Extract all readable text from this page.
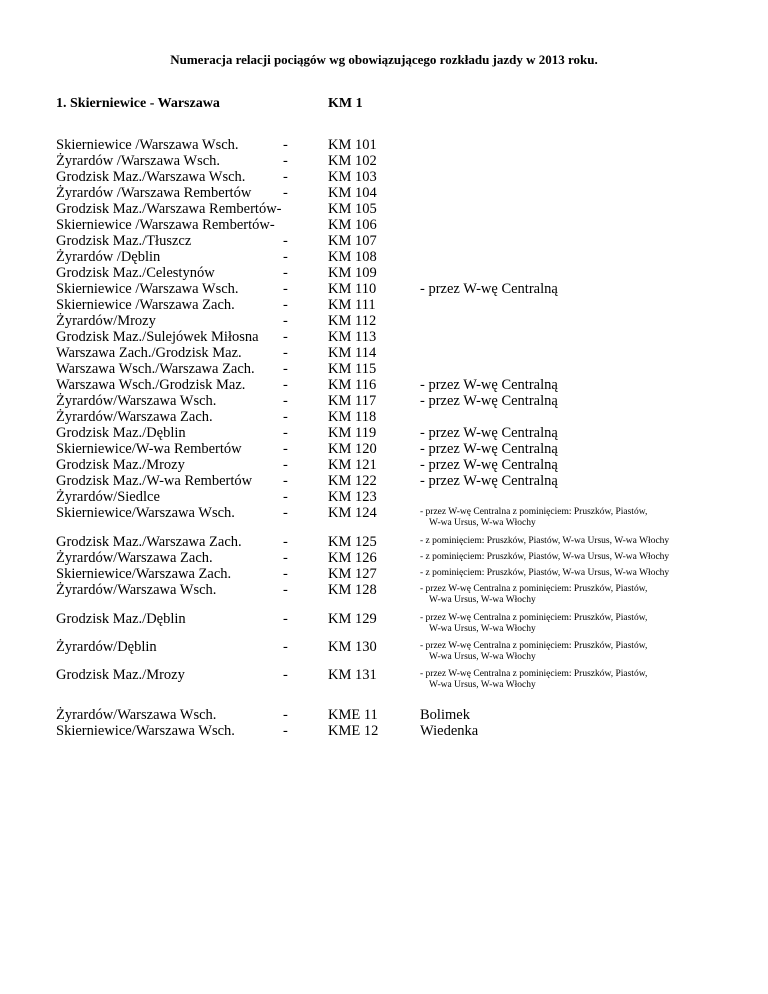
Numeracja relacji pociągów wg obowiązującego rozkładu jazdy w 2013 roku.
1. Skierniewice - Warszawa	KM 1
Skierniewice /Warszawa Wsch.	-	KM 101
Żyrardów /Warszawa Wsch.	-	KM 102
Grodzisk Maz./Warszawa Wsch.	-	KM 103
Żyrardów /Warszawa Rembertów -	KM 104
Grodzisk Maz./Warszawa Rembertów-	KM 105
Skierniewice /Warszawa Rembertów-	KM 106
Grodzisk Maz./Tłuszcz	-	KM 107
Żyrardów /Dęblin	-	KM 108
Grodzisk Maz./Celestynów	-	KM 109
Skierniewice /Warszawa Wsch.	-	KM 110	- przez W-wę Centralną
Skierniewice /Warszawa Zach.	-	KM 111
Żyrardów/Mrozy	-	KM 112
Grodzisk Maz./Sulejówek Miłosna -	KM 113
Warszawa Zach./Grodzisk Maz.	-	KM 114
Warszawa Wsch./Warszawa Zach. -	KM 115
Warszawa Wsch./Grodzisk Maz.	-	KM 116	- przez W-wę Centralną
Żyrardów/Warszawa Wsch.	-	KM 117	- przez W-wę Centralną
Żyrardów/Warszawa Zach.	-	KM 118
Grodzisk Maz./Dęblin	-	KM 119	- przez W-wę Centralną
Skierniewice/W-wa Rembertów	-	KM 120	- przez W-wę Centralną
Grodzisk Maz./Mrozy	-	KM 121	- przez W-wę Centralną
Grodzisk Maz./W-wa Rembertów -	KM 122	- przez W-wę Centralną
Żyrardów/Siedlce	-	KM 123
Skierniewice/Warszawa Wsch.	-	KM 124	- przez W-wę Centralna z pominięciem: Pruszków, Piastów,
W-wa Ursus, W-wa Włochy
Grodzisk Maz./Warszawa Zach.	-	KM 125	- z pominięciem: Pruszków, Piastów, W-wa Ursus, W-wa Włochy
Żyrardów/Warszawa Zach.	-	KM 126	- z pominięciem: Pruszków, Piastów, W-wa Ursus, W-wa Włochy
Skierniewice/Warszawa Zach.	-	KM 127	- z pominięciem: Pruszków, Piastów, W-wa Ursus, W-wa Włochy
Żyrardów/Warszawa Wsch.	-	KM 128	- przez W-wę Centralna z pominięciem: Pruszków, Piastów,
W-wa Ursus, W-wa Włochy
Grodzisk Maz./Dęblin	-	KM 129	- przez W-wę Centralna z pominięciem: Pruszków, Piastów,
W-wa Ursus, W-wa Włochy
Żyrardów/Dęblin	-	KM 130	- przez W-wę Centralna z pominięciem: Pruszków, Piastów,
W-wa Ursus, W-wa Włochy
Grodzisk Maz./Mrozy	-	KM 131	- przez W-wę Centralna z pominięciem: Pruszków, Piastów,
W-wa Ursus, W-wa Włochy
Żyrardów/Warszawa Wsch.	-	KME 11	Bolimek
Skierniewice/Warszawa Wsch.	-	KME 12	Wiedenka
